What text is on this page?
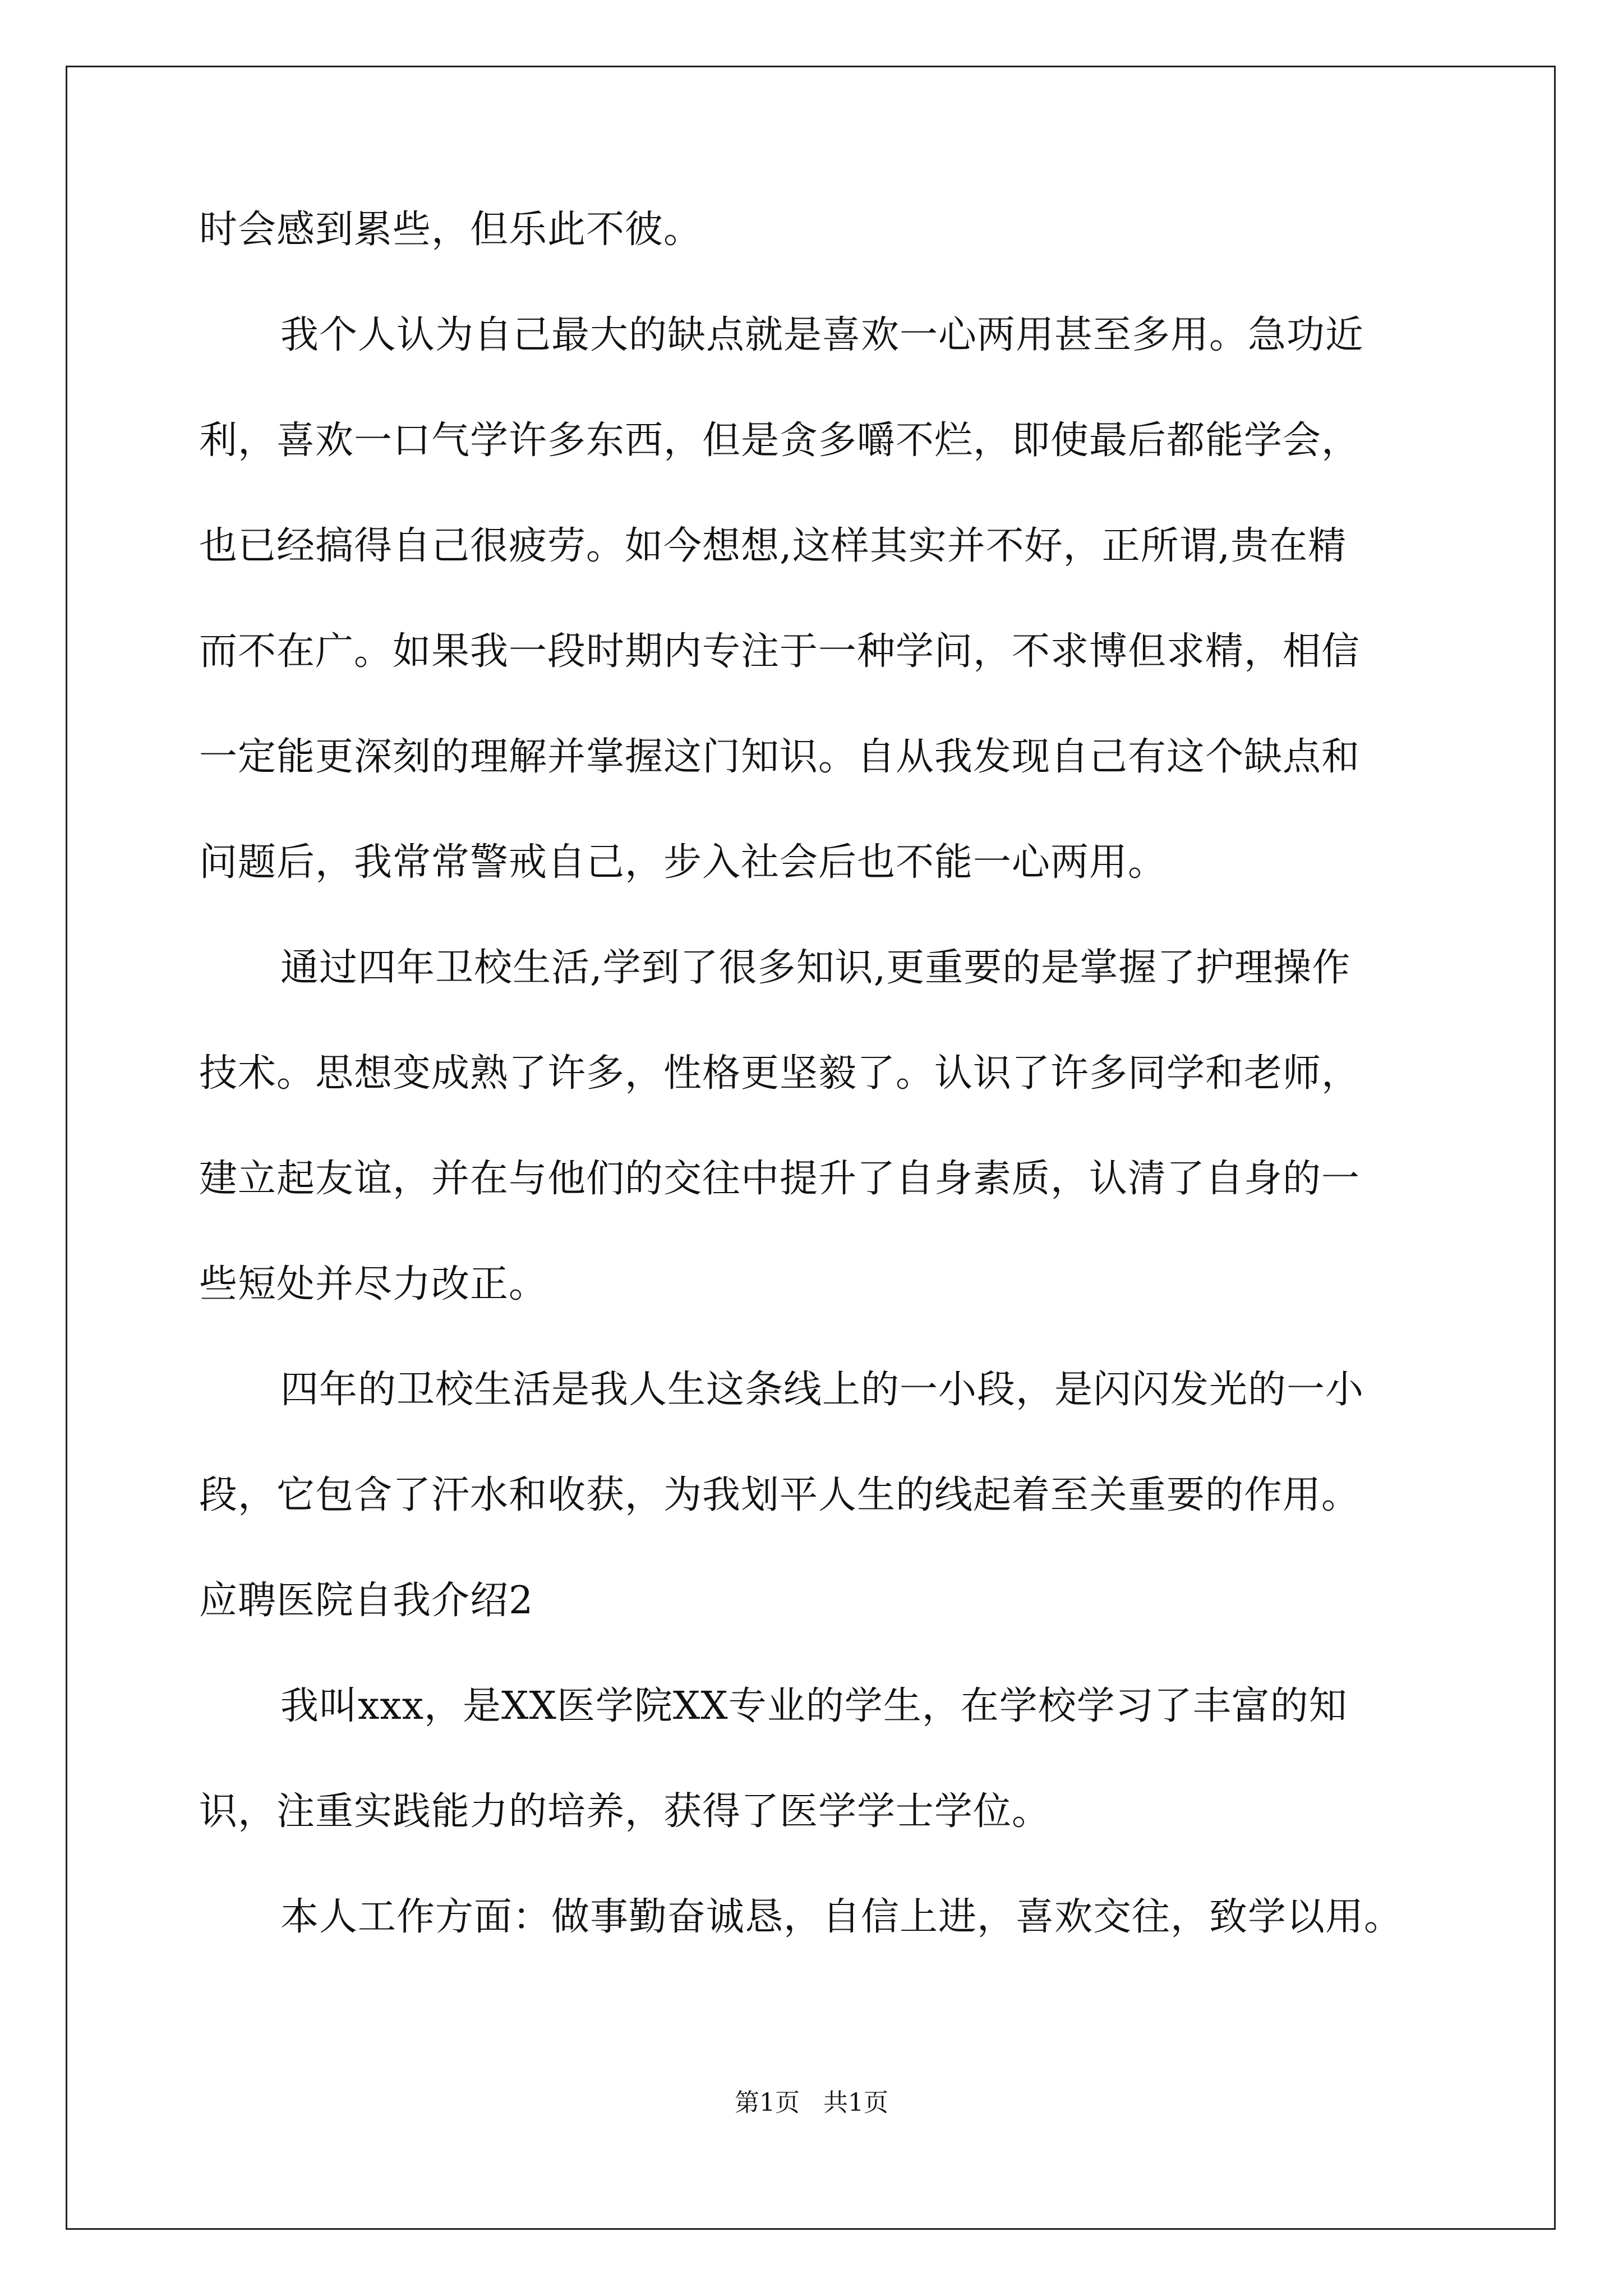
时会感到累些，但乐此不彼。
我个人认为自己最大的缺点就是喜欢一心两用甚至多用。急功近
利，喜欢一口气学许多东西，但是贪多嚼不烂，即使最后都能学会，
也已经搞得自己很疲劳。如今想想,这样其实并不好，正所谓,贵在精
而不在广。如果我一段时期内专注于一种学问，不求博但求精，相信
一定能更深刻的理解并掌握这门知识。自从我发现自己有这个缺点和
问题后，我常常警戒自己，步入社会后也不能一心两用。
通过四年卫校生活,学到了很多知识,更重要的是掌握了护理操作
技术。思想变成熟了许多，性格更坚毅了。认识了许多同学和老师，
建立起友谊，并在与他们的交往中提升了自身素质，认清了自身的一
些短处并尽力改正。
四年的卫校生活是我人生这条线上的一小段，是闪闪发光的一小
段，它包含了汗水和收获，为我划平人生的线起着至关重要的作用。
应聘医院自我介绍2
我叫xxx，是XX医学院XX专业的学生，在学校学习了丰富的知
识，注重实践能力的培养，获得了医学学士学位。
本人工作方面：做事勤奋诚恳，自信上进，喜欢交往，致学以用。
第1页 共1页
